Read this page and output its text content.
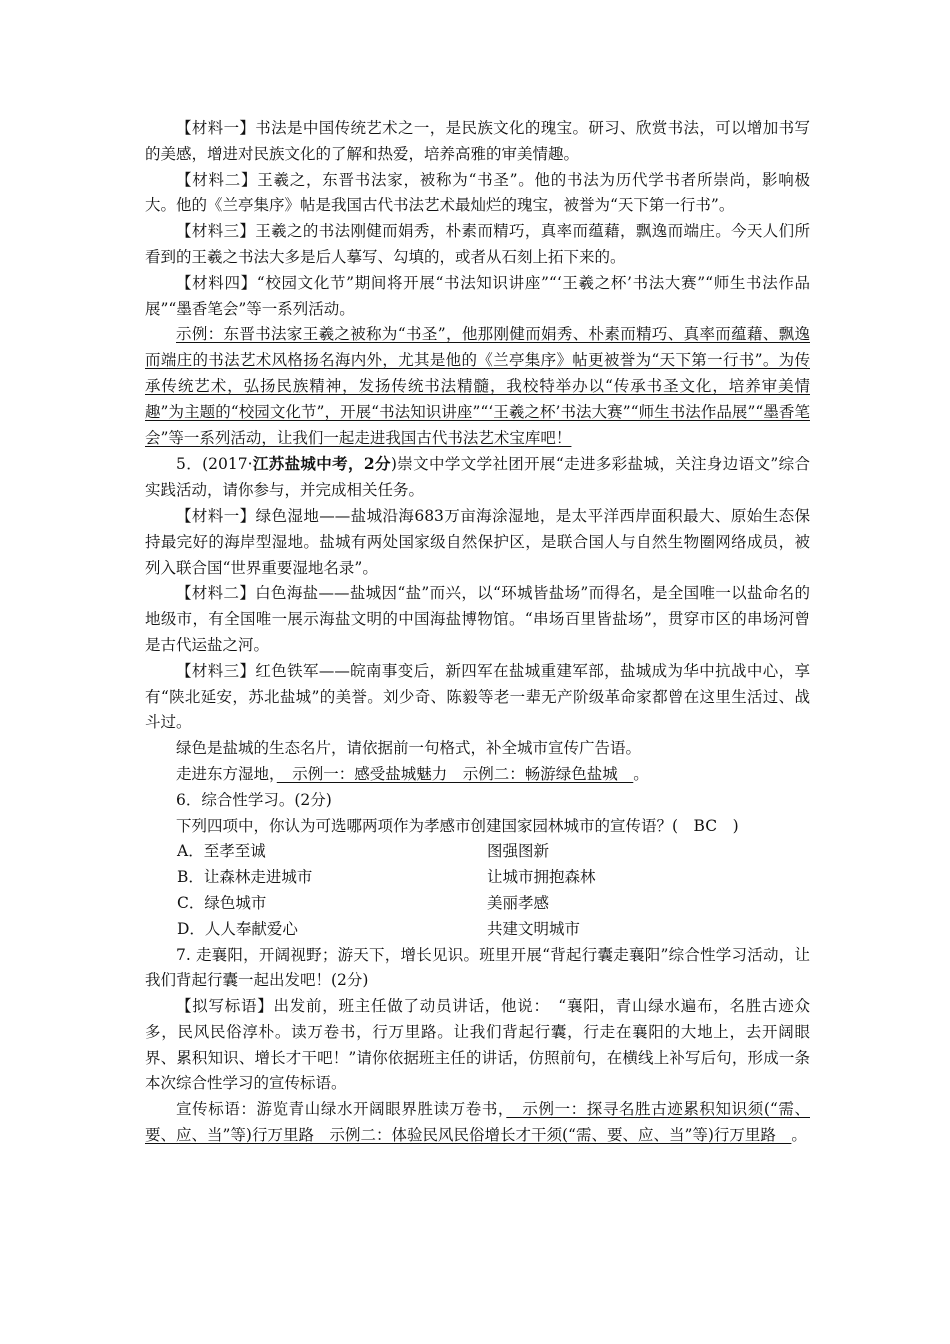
【材料一】书法是中国传统艺术之一，是民族文化的瑰宝。研习、欣赏书法，可以增加书写的美感，增进对民族文化的了解和热爱，培养高雅的审美情趣。

【材料二】王羲之，东晋书法家，被称为“书圣”。他的书法为历代学书者所崇尚，影响极大。他的《兰亭集序》帖是我国古代书法艺术最灿烂的瑰宝，被誉为“天下第一行书”。

【材料三】王羲之的书法刚健而娟秀，朴素而精巧，真率而蕴藉，飘逸而端庄。今天人们所看到的王羲之书法大多是后人摹写、勾填的，或者从石刻上拓下来的。

【材料四】“校园文化节”期间将开展“书法知识讲座”“‘王羲之杯’书法大赛”“师生书法作品展”“墨香笔会”等一系列活动。

示例：东晋书法家王羲之被称为“书圣”，他那刚健而娟秀、朴素而精巧、真率而蕴藉、飘逸而端庄的书法艺术风格扬名海内外，尤其是他的《兰亭集序》帖更被誉为“天下第一行书”。为传承传统艺术，弘扬民族精神，发扬传统书法精髓，我校特举办以“传承书圣文化，培养审美情趣”为主题的“校园文化节”，开展“书法知识讲座”“‘王羲之杯’书法大赛”“师生书法作品展”“墨香笔会”等一系列活动，让我们一起走进我国古代书法艺术宝库吧！

5．(2017·江苏盐城中考，2分)崇文中学文学社团开展“走进多彩盐城，关注身边语文”综合实践活动，请你参与，并完成相关任务。

【材料一】绿色湿地——盐城沿海683万亩海涂湿地，是太平洋西岸面积最大、原始生态保持最完好的海岸型湿地。盐城有两处国家级自然保护区，是联合国人与自然生物圈网络成员，被列入联合国“世界重要湿地名录”。

【材料二】白色海盐——盐城因“盐”而兴，以“环城皆盐场”而得名，是全国唯一以盐命名的地级市，有全国唯一展示海盐文明的中国海盐博物馆。“串场百里皆盐场”，贯穿市区的串场河曾是古代运盐之河。

【材料三】红色铁军——皖南事变后，新四军在盐城重建军部，盐城成为华中抗战中心，享有“陕北延安，苏北盐城”的美誉。刘少奇、陈毅等老一辈无产阶级革命家都曾在这里生活过、战斗过。

绿色是盐城的生态名片，请依据前一句格式，补全城市宣传广告语。

走进东方湿地，　示例一：感受盐城魅力　示例二：畅游绿色盐城　。

6．综合性学习。(2分)

下列四项中，你认为可选哪两项作为孝感市创建国家园林城市的宣传语？(　BC　)

A．至孝至诚	图强图新

B．让森林走进城市	让城市拥抱森林

C．绿色城市	美丽孝感

D．人人奉献爱心	共建文明城市

7. 走襄阳，开阔视野；游天下，增长见识。班里开展“背起行囊走襄阳”综合性学习活动，让我们背起行囊一起出发吧！(2分)

【拟写标语】出发前，班主任做了动员讲话，他说：　“襄阳，青山绿水遍布，名胜古迹众多，民风民俗淳朴。读万卷书，行万里路。让我们背起行囊，行走在襄阳的大地上，去开阔眼界、累积知识、增长才干吧！”请你依据班主任的讲话，仿照前句，在横线上补写后句，形成一条本次综合性学习的宣传标语。

宣传标语：游览青山绿水开阔眼界胜读万卷书，　示例一：探寻名胜古迹累积知识须(“需、要、应、当”等)行万里路　示例二：体验民风民俗增长才干须(“需、要、应、当”等)行万里路　。
